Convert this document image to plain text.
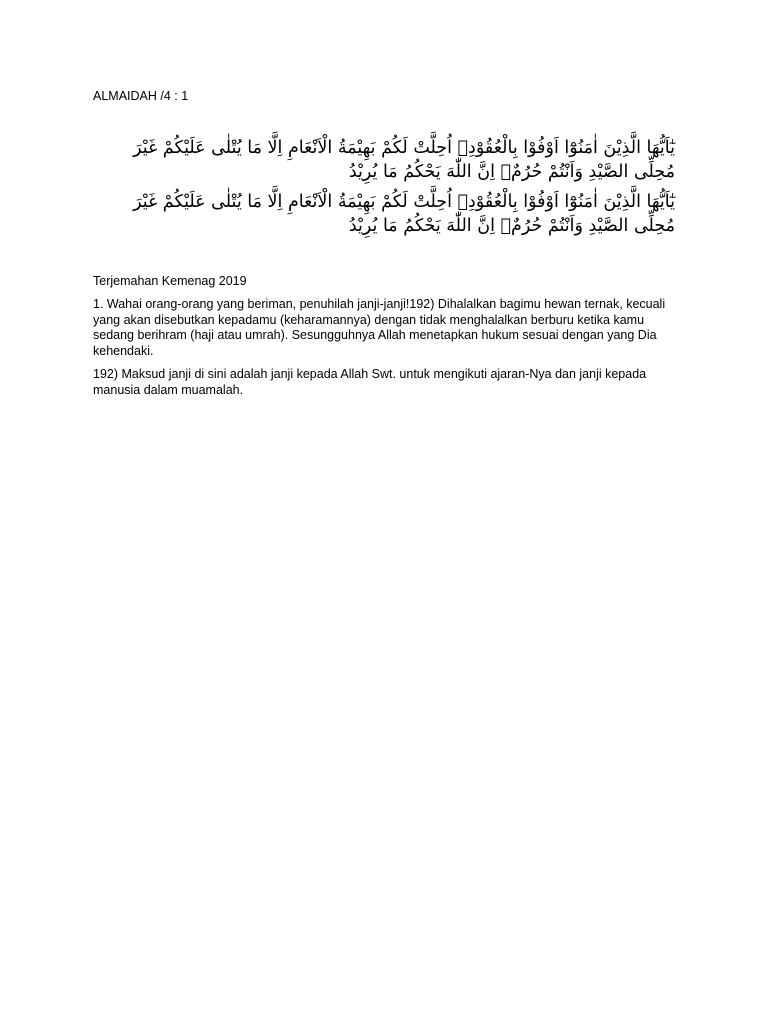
ALMAIDAH /4 : 1

يٰٓاَيُّهَا الَّذِيْنَ اٰمَنُوْٓا اَوْفُوْا بِالْعُقُوْدِۗ اُحِلَّتْ لَكُمْ بَهِيْمَةُ الْاَنْعَامِ اِلَّا مَا يُتْلٰى عَلَيْكُمْ غَيْرَ مُحِلِّى الصَّيْدِ وَاَنْتُمْ حُرُمٌۗ اِنَّ اللّٰهَ يَحْكُمُ مَا يُرِيْدُ

يٰٓاَيُّهَا الَّذِيْنَ اٰمَنُوْٓا اَوْفُوْا بِالْعُقُوْدِۗ اُحِلَّتْ لَكُمْ بَهِيْمَةُ الْاَنْعَامِ اِلَّا مَا يُتْلٰى عَلَيْكُمْ غَيْرَ مُحِلِّى الصَّيْدِ وَاَنْتُمْ حُرُمٌۗ اِنَّ اللّٰهَ يَحْكُمُ مَا يُرِيْدُ

Terjemahan Kemenag 2019

1. Wahai orang-orang yang beriman, penuhilah janji-janji!192) Dihalalkan bagimu hewan ternak, kecuali yang akan disebutkan kepadamu (keharamannya) dengan tidak menghalalkan berburu ketika kamu sedang berihram (haji atau umrah). Sesungguhnya Allah menetapkan hukum sesuai dengan yang Dia kehendaki.

192) Maksud janji di sini adalah janji kepada Allah Swt. untuk mengikuti ajaran-Nya dan janji kepada manusia dalam muamalah.
